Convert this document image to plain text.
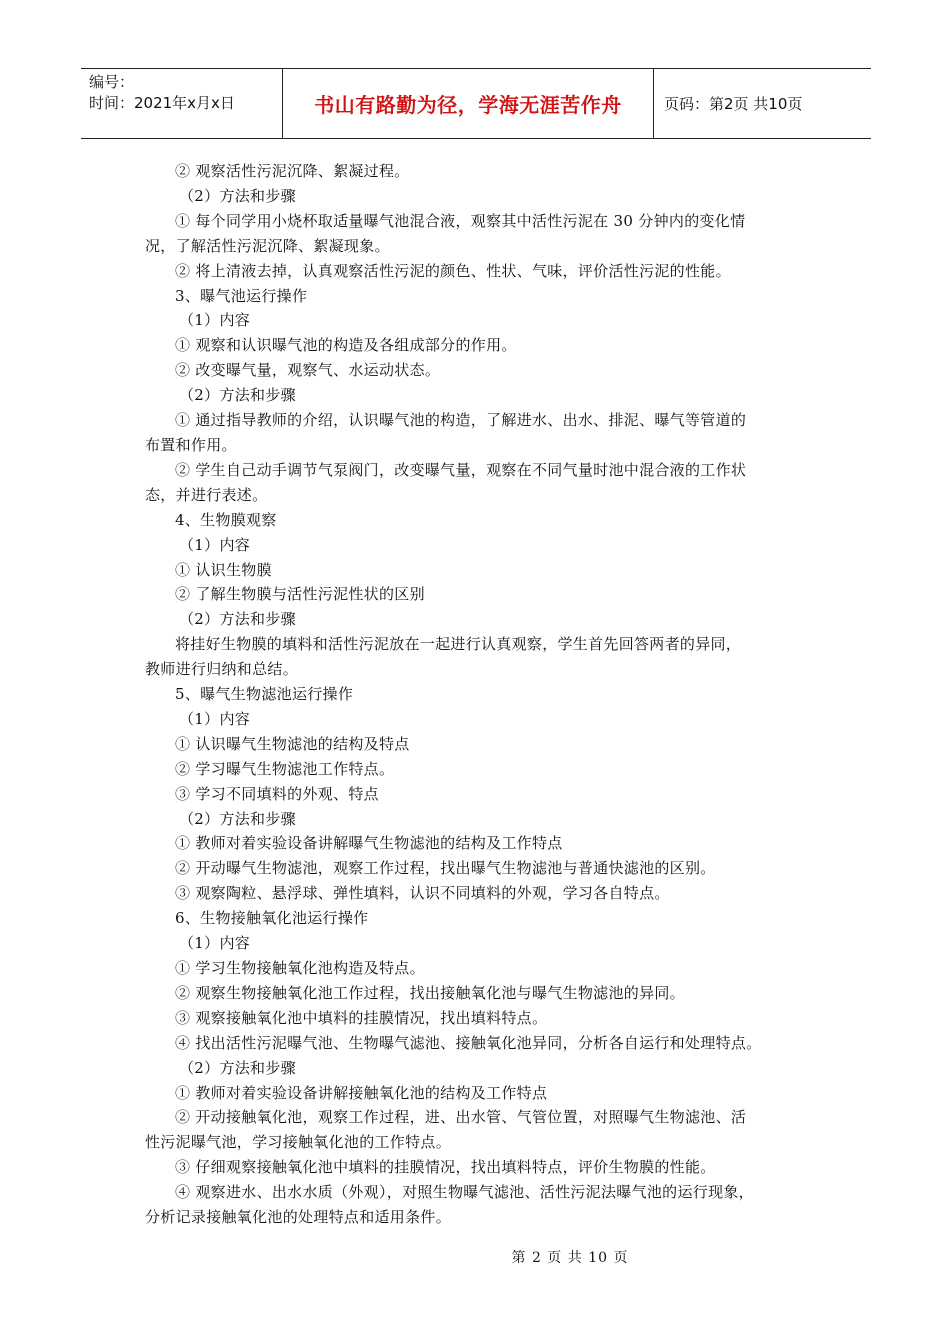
编号：
时间：2021年x月x日	书山有路勤为径，学海无涯苦作舟	页码：第2页 共10页
② 观察活性污泥沉降、絮凝过程。
（2）方法和步骤
① 每个同学用小烧杯取适量曝气池混合液，观察其中活性污泥在 30 分钟内的变化情
况，了解活性污泥沉降、絮凝现象。
② 将上清液去掉，认真观察活性污泥的颜色、性状、气味，评价活性污泥的性能。
3、曝气池运行操作
（1）内容
① 观察和认识曝气池的构造及各组成部分的作用。
② 改变曝气量，观察气、水运动状态。
（2）方法和步骤
① 通过指导教师的介绍，认识曝气池的构造，了解进水、出水、排泥、曝气等管道的
布置和作用。
② 学生自己动手调节气泵阀门，改变曝气量，观察在不同气量时池中混合液的工作状
态，并进行表述。
4、生物膜观察
（1）内容
① 认识生物膜
② 了解生物膜与活性污泥性状的区别
（2）方法和步骤
将挂好生物膜的填料和活性污泥放在一起进行认真观察，学生首先回答两者的异同，
教师进行归纳和总结。
5、曝气生物滤池运行操作
（1）内容
① 认识曝气生物滤池的结构及特点
② 学习曝气生物滤池工作特点。
③ 学习不同填料的外观、特点
（2）方法和步骤
① 教师对着实验设备讲解曝气生物滤池的结构及工作特点
② 开动曝气生物滤池，观察工作过程，找出曝气生物滤池与普通快滤池的区别。
③ 观察陶粒、悬浮球、弹性填料，认识不同填料的外观，学习各自特点。
6、生物接触氧化池运行操作
（1）内容
① 学习生物接触氧化池构造及特点。
② 观察生物接触氧化池工作过程，找出接触氧化池与曝气生物滤池的异同。
③ 观察接触氧化池中填料的挂膜情况，找出填料特点。
④ 找出活性污泥曝气池、生物曝气滤池、接触氧化池异同，分析各自运行和处理特点。
（2）方法和步骤
① 教师对着实验设备讲解接触氧化池的结构及工作特点
② 开动接触氧化池，观察工作过程，进、出水管、气管位置，对照曝气生物滤池、活
性污泥曝气池，学习接触氧化池的工作特点。
③ 仔细观察接触氧化池中填料的挂膜情况，找出填料特点，评价生物膜的性能。
④ 观察进水、出水水质（外观），对照生物曝气滤池、活性污泥法曝气池的运行现象，
分析记录接触氧化池的处理特点和适用条件。
第 2 页 共 10 页
